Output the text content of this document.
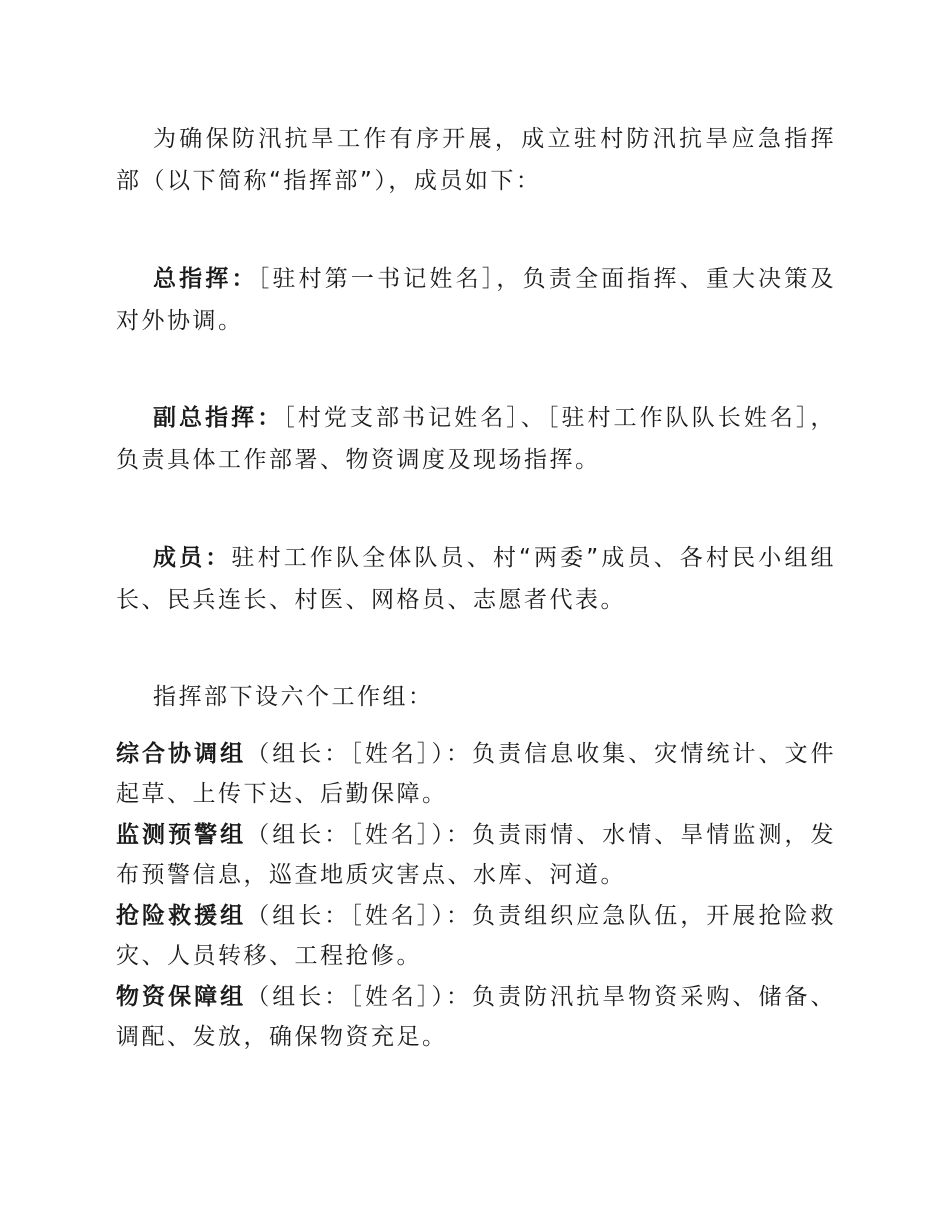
为确保防汛抗旱工作有序开展，成立驻村防汛抗旱应急指挥部（以下简称“指挥部”），成员如下：

总指挥：［驻村第一书记姓名］，负责全面指挥、重大决策及对外协调。

副总指挥：［村党支部书记姓名］、［驻村工作队队长姓名］，负责具体工作部署、物资调度及现场指挥。

成员：驻村工作队全体队员、村“两委”成员、各村民小组组长、民兵连长、村医、网格员、志愿者代表。

指挥部下设六个工作组：

综合协调组（组长：［姓名］）：负责信息收集、灾情统计、文件起草、上传下达、后勤保障。

监测预警组（组长：［姓名］）：负责雨情、水情、旱情监测，发布预警信息，巡查地质灾害点、水库、河道。

抢险救援组（组长：［姓名］）：负责组织应急队伍，开展抢险救灾、人员转移、工程抢修。

物资保障组（组长：［姓名］）：负责防汛抗旱物资采购、储备、调配、发放，确保物资充足。
